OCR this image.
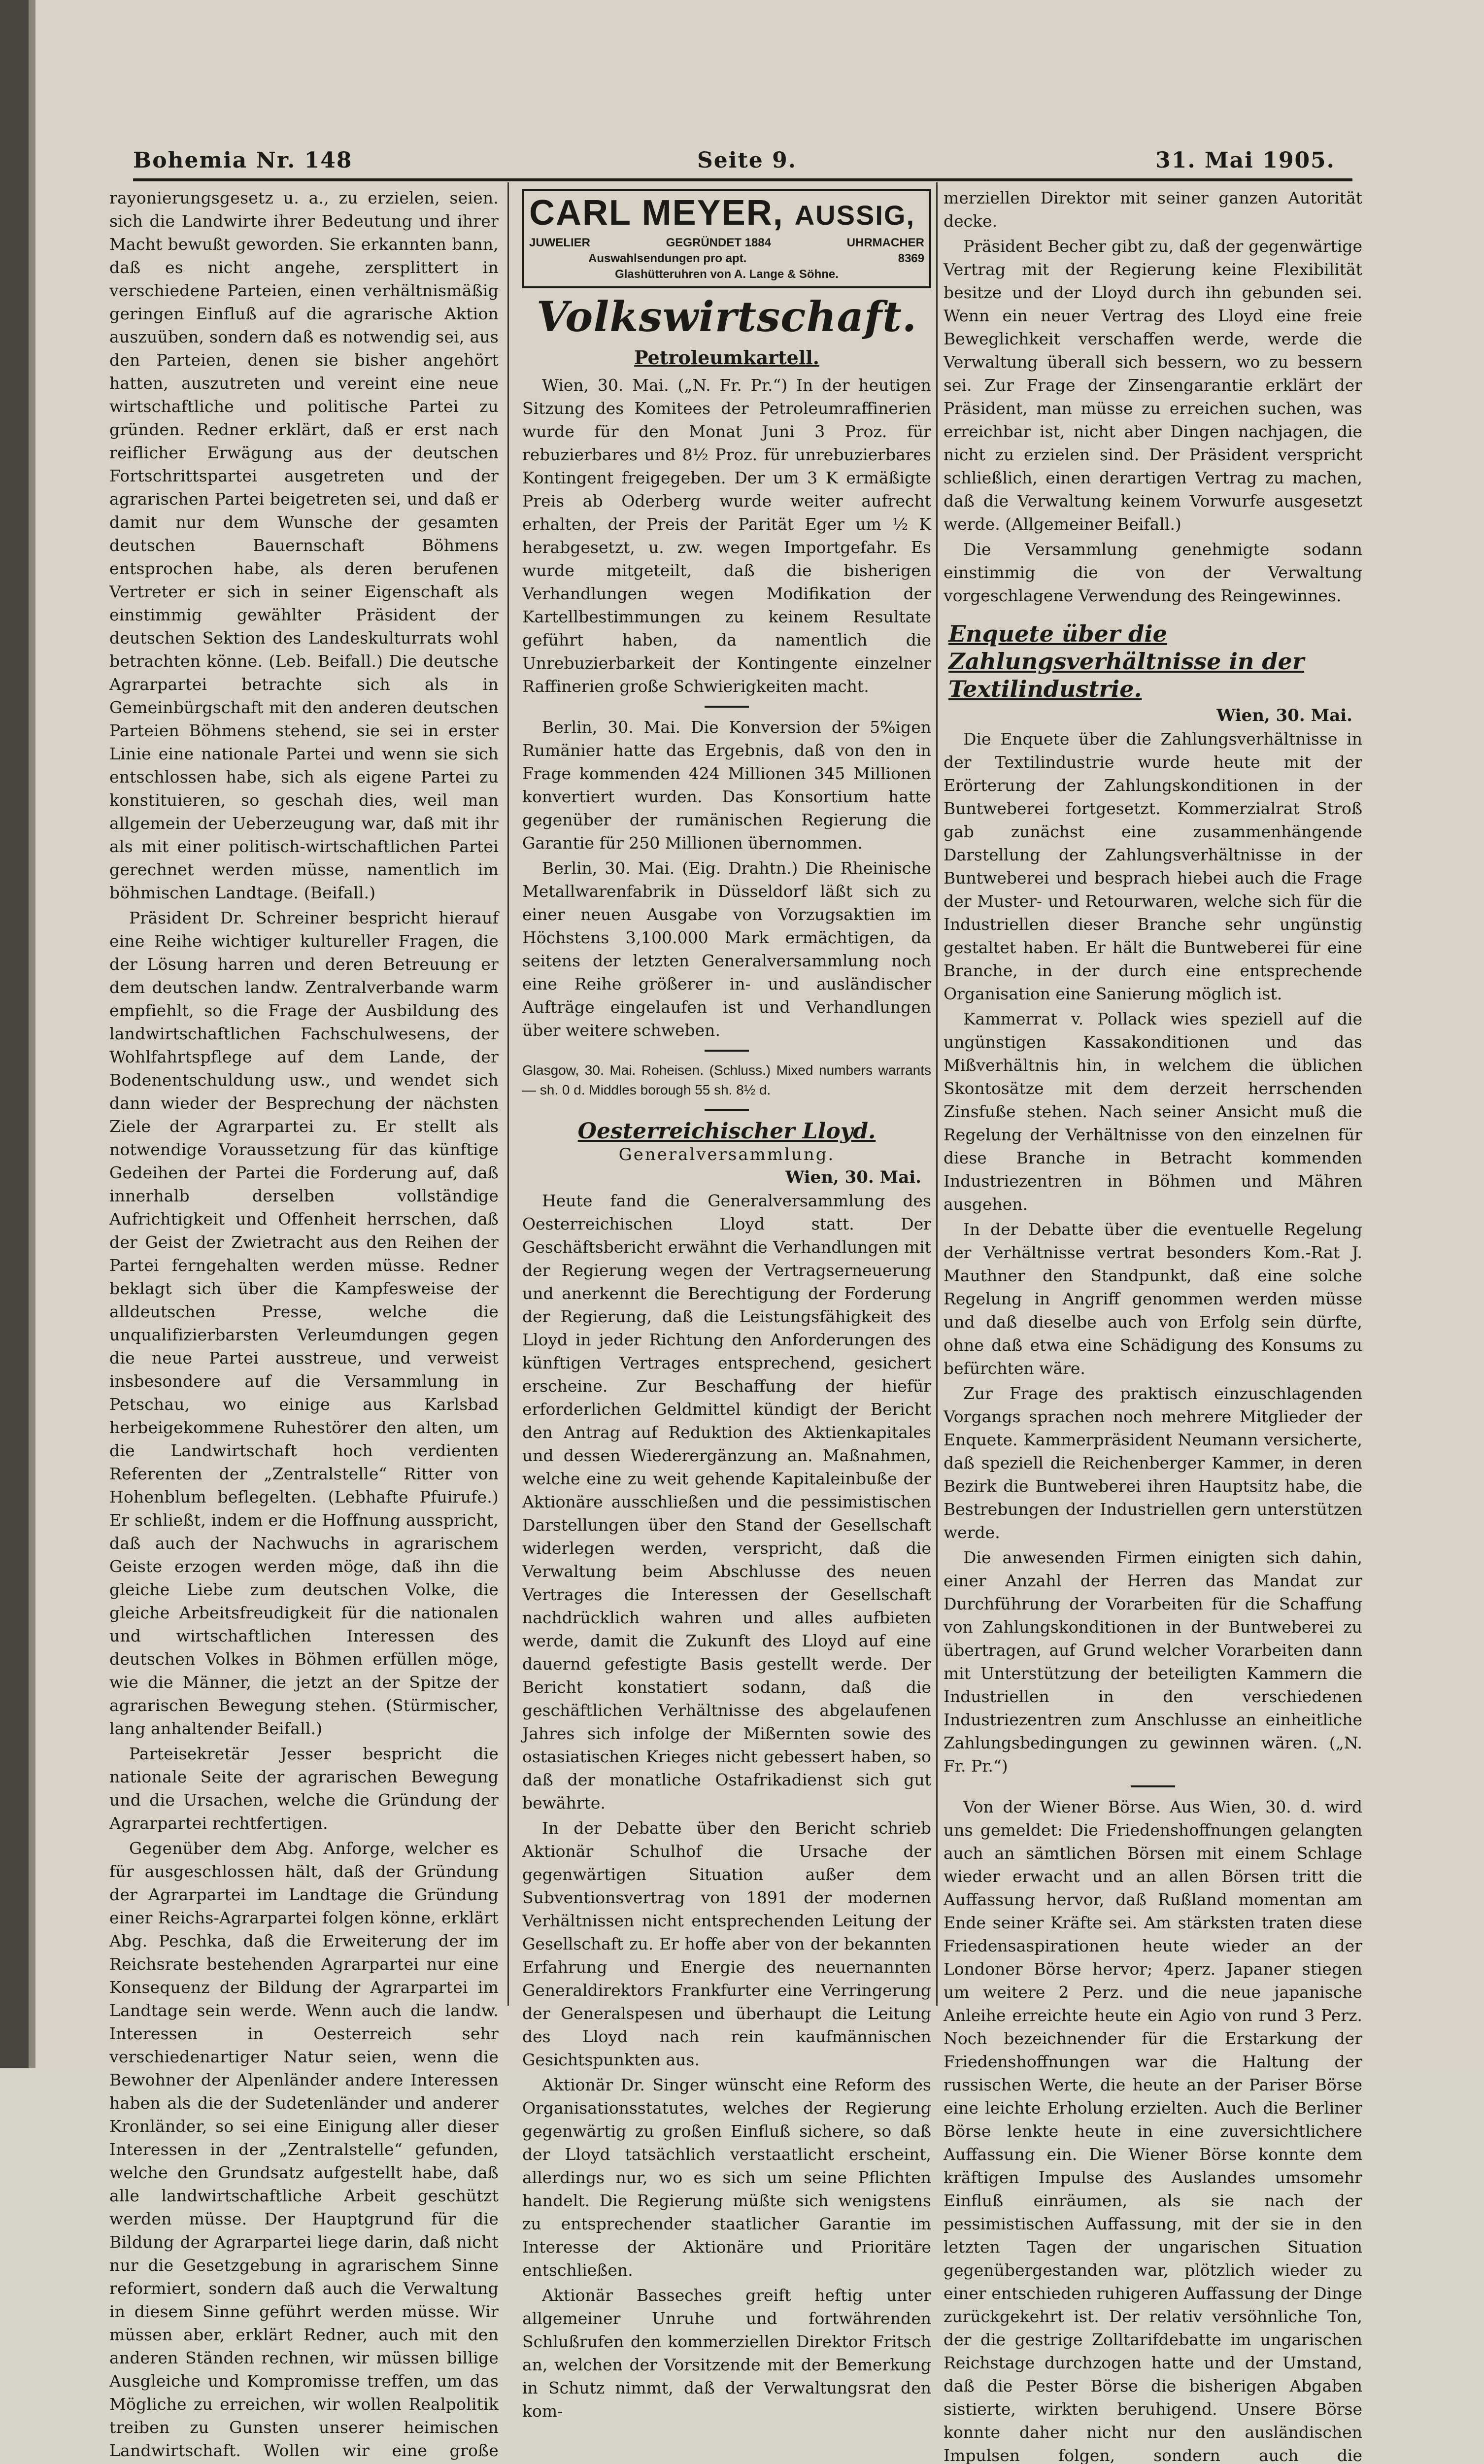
Bohemia Nr. 148	Seite 9.	31. Mai 1905.

rayonierungsgesetz u. a., zu erzielen, seien. sich die Landwirte ihrer Bedeutung und ihrer Macht bewußt geworden. Sie erkannten bann, daß es nicht angehe, zersplittert in verschiedene Parteien, einen verhältnismäßig geringen Einfluß auf die agrarische Aktion auszuüben, sondern daß es notwendig sei, aus den Parteien, denen sie bisher angehört hatten, auszutreten und vereint eine neue wirtschaftliche und politische Partei zu gründen. Redner erklärt, daß er erst nach reiflicher Erwägung aus der deutschen Fortschrittspartei ausgetreten und der agrarischen Partei beigetreten sei, und daß er damit nur dem Wunsche der gesamten deutschen Bauernschaft Böhmens entsprochen habe, als deren berufenen Vertreter er sich in seiner Eigenschaft als einstimmig gewählter Präsident der deutschen Sektion des Landeskulturrats wohl betrachten könne. (Leb. Beifall.) Die deutsche Agrarpartei betrachte sich als in Gemeinbürgschaft mit den anderen deutschen Parteien Böhmens stehend, sie sei in erster Linie eine nationale Partei und wenn sie sich entschlossen habe, sich als eigene Partei zu konstituieren, so geschah dies, weil man allgemein der Ueberzeugung war, daß mit ihr als mit einer politisch-wirtschaftlichen Partei gerechnet werden müsse, namentlich im böhmischen Landtage. (Beifall.)

Präsident Dr. Schreiner bespricht hierauf eine Reihe wichtiger kultureller Fragen, die der Lösung harren und deren Betreuung er dem deutschen landw. Zentralverbande warm empfiehlt, so die Frage der Ausbildung des landwirtschaftlichen Fachschulwesens, der Wohlfahrtspflege auf dem Lande, der Bodenentschuldung usw., und wendet sich dann wieder der Besprechung der nächsten Ziele der Agrarpartei zu. Er stellt als notwendige Voraussetzung für das künftige Gedeihen der Partei die Forderung auf, daß innerhalb derselben vollständige Aufrichtigkeit und Offenheit herrschen, daß der Geist der Zwietracht aus den Reihen der Partei ferngehalten werden müsse. Redner beklagt sich über die Kampfesweise der alldeutschen Presse, welche die unqualifizierbarsten Verleumdungen gegen die neue Partei ausstreue, und verweist insbesondere auf die Versammlung in Petschau, wo einige aus Karlsbad herbeigekommene Ruhestörer den alten, um die Landwirtschaft hoch verdienten Referenten der „Zentralstelle“ Ritter von Hohenblum beflegelten. (Lebhafte Pfuirufe.) Er schließt, indem er die Hoffnung ausspricht, daß auch der Nachwuchs in agrarischem Geiste erzogen werden möge, daß ihn die gleiche Liebe zum deutschen Volke, die gleiche Arbeitsfreudigkeit für die nationalen und wirtschaftlichen Interessen des deutschen Volkes in Böhmen erfüllen möge, wie die Männer, die jetzt an der Spitze der agrarischen Bewegung stehen. (Stürmischer, lang anhaltender Beifall.)

Parteisekretär Jesser bespricht die nationale Seite der agrarischen Bewegung und die Ursachen, welche die Gründung der Agrarpartei rechtfertigen.

Gegenüber dem Abg. Anforge, welcher es für ausgeschlossen hält, daß der Gründung der Agrarpartei im Landtage die Gründung einer Reichs-Agrarpartei folgen könne, erklärt Abg. Peschka, daß die Erweiterung der im Reichsrate bestehenden Agrarpartei nur eine Konsequenz der Bildung der Agrarpartei im Landtage sein werde. Wenn auch die landw. Interessen in Oesterreich sehr verschiedenartiger Natur seien, wenn die Bewohner der Alpenländer andere Interessen haben als die der Sudetenländer und anderer Kronländer, so sei eine Einigung aller dieser Interessen in der „Zentralstelle“ gefunden, welche den Grundsatz aufgestellt habe, daß alle landwirtschaftliche Arbeit geschützt werden müsse. Der Hauptgrund für die Bildung der Agrarpartei liege darin, daß nicht nur die Gesetzgebung in agrarischem Sinne reformiert, sondern daß auch die Verwaltung in diesem Sinne geführt werden müsse. Wir müssen aber, erklärt Redner, auch mit den anderen Ständen rechnen, wir müssen billige Ausgleiche und Kompromisse treffen, um das Mögliche zu erreichen, wir wollen Realpolitik treiben zu Gunsten unserer heimischen Landwirtschaft. Wollen wir eine große

CARL MEYER, AUSSIG,
JUWELIER	GEGRÜNDET 1884	UHRMACHER
Auswahlsendungen pro apt.	8369
Glashütteruhren von A. Lange & Söhne.
Volkswirtschaft.
Petroleumkartell.

Wien, 30. Mai. („N. Fr. Pr.“) In der heutigen Sitzung des Komitees der Petroleumraffinerien wurde für den Monat Juni 3 Proz. für rebuzierbares und 8½ Proz. für unrebuzierbares Kontingent freigegeben. Der um 3 K ermäßigte Preis ab Oderberg wurde weiter aufrecht erhalten, der Preis der Parität Eger um ½ K herabgesetzt, u. zw. wegen Importgefahr. Es wurde mitgeteilt, daß die bisherigen Verhandlungen wegen Modifikation der Kartellbestimmungen zu keinem Resultate geführt haben, da namentlich die Unrebuzierbarkeit der Kontingente einzelner Raffinerien große Schwierigkeiten macht.

Berlin, 30. Mai. Die Konversion der 5%igen Rumänier hatte das Ergebnis, daß von den in Frage kommenden 424 Millionen 345 Millionen konvertiert wurden. Das Konsortium hatte gegenüber der rumänischen Regierung die Garantie für 250 Millionen übernommen.

Berlin, 30. Mai. (Eig. Drahtn.) Die Rheinische Metallwarenfabrik in Düsseldorf läßt sich zu einer neuen Ausgabe von Vorzugsaktien im Höchstens 3,100.000 Mark ermächtigen, da seitens der letzten Generalversammlung noch eine Reihe größerer in- und ausländischer Aufträge eingelaufen ist und Verhandlungen über weitere schweben.

Glasgow, 30. Mai. Roheisen. (Schluss.) Mixed numbers warrants — sh. 0 d. Middles borough 55 sh. 8½ d.

Oesterreichischer Lloyd.
Generalversammlung.
Wien, 30. Mai.

Heute fand die Generalversammlung des Oesterreichischen Lloyd statt. Der Geschäftsbericht erwähnt die Verhandlungen mit der Regierung wegen der Vertragserneuerung und anerkennt die Berechtigung der Forderung der Regierung, daß die Leistungsfähigkeit des Lloyd in jeder Richtung den Anforderungen des künftigen Vertrages entsprechend, gesichert erscheine. Zur Beschaffung der hiefür erforderlichen Geldmittel kündigt der Bericht den Antrag auf Reduktion des Aktienkapitales und dessen Wiederergänzung an. Maßnahmen, welche eine zu weit gehende Kapitaleinbuße der Aktionäre ausschließen und die pessimistischen Darstellungen über den Stand der Gesellschaft widerlegen werden, verspricht, daß die Verwaltung beim Abschlusse des neuen Vertrages die Interessen der Gesellschaft nachdrücklich wahren und alles aufbieten werde, damit die Zukunft des Lloyd auf eine dauernd gefestigte Basis gestellt werde. Der Bericht konstatiert sodann, daß die geschäftlichen Verhältnisse des abgelaufenen Jahres sich infolge der Mißernten sowie des ostasiatischen Krieges nicht gebessert haben, so daß der monatliche Ostafrikadienst sich gut bewährte.

In der Debatte über den Bericht schrieb Aktionär Schulhof die Ursache der gegenwärtigen Situation außer dem Subventionsvertrag von 1891 der modernen Verhältnissen nicht entsprechenden Leitung der Gesellschaft zu. Er hoffe aber von der bekannten Erfahrung und Energie des neuernannten Generaldirektors Frankfurter eine Verringerung der Generalspesen und überhaupt die Leitung des Lloyd nach rein kaufmännischen Gesichtspunkten aus.

Aktionär Dr. Singer wünscht eine Reform des Organisationsstatutes, welches der Regierung gegenwärtig zu großen Einfluß sichere, so daß der Lloyd tatsächlich verstaatlicht erscheint, allerdings nur, wo es sich um seine Pflichten handelt. Die Regierung müßte sich wenigstens zu entsprechender staatlicher Garantie im Interesse der Aktionäre und Prioritäre entschließen.

Aktionär Basseches greift heftig unter allgemeiner Unruhe und fortwährenden Schlußrufen den kommerziellen Direktor Fritsch an, welchen der Vorsitzende mit der Bemerkung in Schutz nimmt, daß der Verwaltungsrat den kom-

merziellen Direktor mit seiner ganzen Autorität decke.

Präsident Becher gibt zu, daß der gegenwärtige Vertrag mit der Regierung keine Flexibilität besitze und der Lloyd durch ihn gebunden sei. Wenn ein neuer Vertrag des Lloyd eine freie Beweglichkeit verschaffen werde, werde die Verwaltung überall sich bessern, wo zu bessern sei. Zur Frage der Zinsengarantie erklärt der Präsident, man müsse zu erreichen suchen, was erreichbar ist, nicht aber Dingen nachjagen, die nicht zu erzielen sind. Der Präsident verspricht schließlich, einen derartigen Vertrag zu machen, daß die Verwaltung keinem Vorwurfe ausgesetzt werde. (Allgemeiner Beifall.)

Die Versammlung genehmigte sodann einstimmig die von der Verwaltung vorgeschlagene Verwendung des Reingewinnes.

Enquete über die Zahlungsverhältnisse in der Textilindustrie.
Wien, 30. Mai.

Die Enquete über die Zahlungsverhältnisse in der Textilindustrie wurde heute mit der Erörterung der Zahlungskonditionen in der Buntweberei fortgesetzt. Kommerzialrat Stroß gab zunächst eine zusammenhängende Darstellung der Zahlungsverhältnisse in der Buntweberei und besprach hiebei auch die Frage der Muster- und Retourwaren, welche sich für die Industriellen dieser Branche sehr ungünstig gestaltet haben. Er hält die Buntweberei für eine Branche, in der durch eine entsprechende Organisation eine Sanierung möglich ist.

Kammerrat v. Pollack wies speziell auf die ungünstigen Kassakonditionen und das Mißverhältnis hin, in welchem die üblichen Skontosätze mit dem derzeit herrschenden Zinsfuße stehen. Nach seiner Ansicht muß die Regelung der Verhältnisse von den einzelnen für diese Branche in Betracht kommenden Industriezentren in Böhmen und Mähren ausgehen.

In der Debatte über die eventuelle Regelung der Verhältnisse vertrat besonders Kom.-Rat J. Mauthner den Standpunkt, daß eine solche Regelung in Angriff genommen werden müsse und daß dieselbe auch von Erfolg sein dürfte, ohne daß etwa eine Schädigung des Konsums zu befürchten wäre.

Zur Frage des praktisch einzuschlagenden Vorgangs sprachen noch mehrere Mitglieder der Enquete. Kammerpräsident Neumann versicherte, daß speziell die Reichenberger Kammer, in deren Bezirk die Buntweberei ihren Hauptsitz habe, die Bestrebungen der Industriellen gern unterstützen werde.

Die anwesenden Firmen einigten sich dahin, einer Anzahl der Herren das Mandat zur Durchführung der Vorarbeiten für die Schaffung von Zahlungskonditionen in der Buntweberei zu übertragen, auf Grund welcher Vorarbeiten dann mit Unterstützung der beteiligten Kammern die Industriellen in den verschiedenen Industriezentren zum Anschlusse an einheitliche Zahlungsbedingungen zu gewinnen wären. („N. Fr. Pr.“)

Von der Wiener Börse. Aus Wien, 30. d. wird uns gemeldet: Die Friedenshoffnungen gelangten auch an sämtlichen Börsen mit einem Schlage wieder erwacht und an allen Börsen tritt die Auffassung hervor, daß Rußland momentan am Ende seiner Kräfte sei. Am stärksten traten diese Friedensaspirationen heute wieder an der Londoner Börse hervor; 4perz. Japaner stiegen um weitere 2 Perz. und die neue japanische Anleihe erreichte heute ein Agio von rund 3 Perz. Noch bezeichnender für die Erstarkung der Friedenshoffnungen war die Haltung der russischen Werte, die heute an der Pariser Börse eine leichte Erholung erzielten. Auch die Berliner Börse lenkte heute in eine zuversichtlichere Auffassung ein. Die Wiener Börse konnte dem kräftigen Impulse des Auslandes umsomehr Einfluß einräumen, als sie nach der pessimistischen Auffassung, mit der sie in den letzten Tagen der ungarischen Situation gegenübergestanden war, plötzlich wieder zu einer entschieden ruhigeren Auffassung der Dinge zurückgekehrt ist. Der relativ versöhnliche Ton, der die gestrige Zolltarifdebatte im ungarischen Reichstage durchzogen hatte und der Umstand, daß die Pester Börse die bisherigen Abgaben sistierte, wirkten beruhigend. Unsere Börse konnte daher nicht nur den ausländischen Impulsen folgen, sondern auch die
